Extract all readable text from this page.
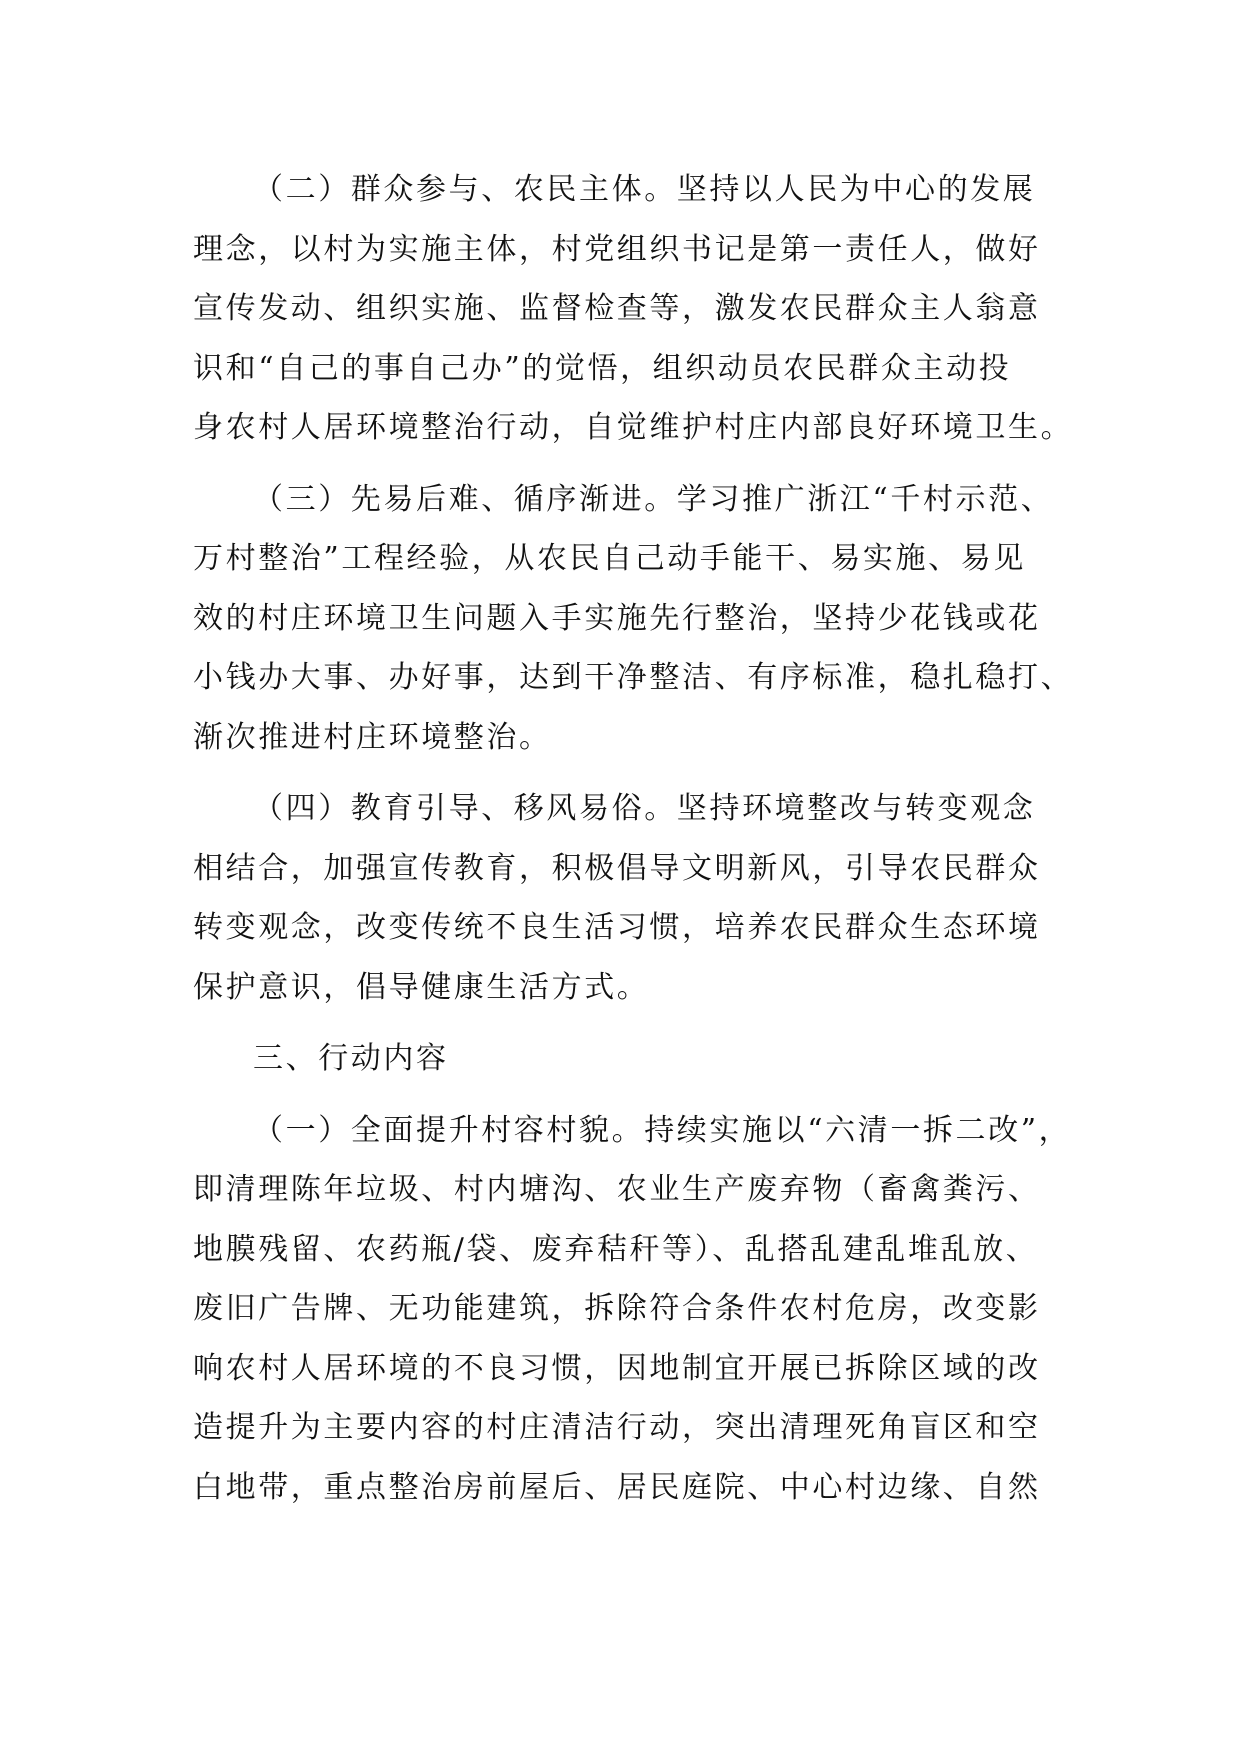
（二）群众参与、农民主体。坚持以人民为中心的发展
理念，以村为实施主体，村党组织书记是第一责任人，做好
宣传发动、组织实施、监督检查等，激发农民群众主人翁意
识和“自己的事自己办”的觉悟，组织动员农民群众主动投
身农村人居环境整治行动，自觉维护村庄内部良好环境卫生。
（三）先易后难、循序渐进。学习推广浙江“千村示范、
万村整治”工程经验，从农民自己动手能干、易实施、易见
效的村庄环境卫生问题入手实施先行整治，坚持少花钱或花
小钱办大事、办好事，达到干净整洁、有序标准，稳扎稳打、
渐次推进村庄环境整治。
（四）教育引导、移风易俗。坚持环境整改与转变观念
相结合，加强宣传教育，积极倡导文明新风，引导农民群众
转变观念，改变传统不良生活习惯，培养农民群众生态环境
保护意识，倡导健康生活方式。
三、行动内容
（一）全面提升村容村貌。持续实施以“六清一拆二改”，
即清理陈年垃圾、村内塘沟、农业生产废弃物（畜禽粪污、
地膜残留、农药瓶/袋、废弃秸秆等）、乱搭乱建乱堆乱放、
废旧广告牌、无功能建筑，拆除符合条件农村危房，改变影
响农村人居环境的不良习惯，因地制宜开展已拆除区域的改
造提升为主要内容的村庄清洁行动，突出清理死角盲区和空
白地带，重点整治房前屋后、居民庭院、中心村边缘、自然
